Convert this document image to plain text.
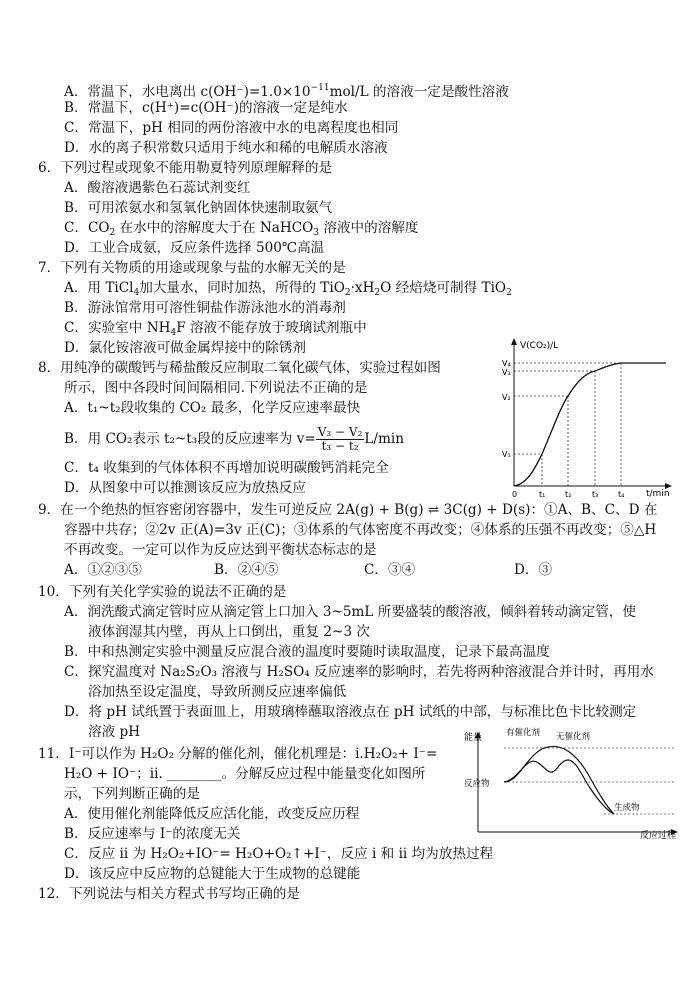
A．常温下，水电离出 $c(OH^-)=1.0\times 10^{-11}mol/L$ 的溶液一定是酸性溶液
B．常温下，c(H⁺)=c(OH⁻)的溶液一定是纯水
C．常温下，pH 相同的两份溶液中水的电离程度也相同
D．水的离子积常数只适用于纯水和稀的电解质水溶液
6．下列过程或现象不能用勒夏特列原理解释的是
A．酸溶液遇紫色石蕊试剂变红
B．可用浓氨水和氢氧化钠固体快速制取氨气
C．$CO_2$ 在水中的溶解度大于在 NaHCO$_3$ 溶液中的溶解度
D．工业合成氨，反应条件选择 500℃高温
7．下列有关物质的用途或现象与盐的水解无关的是
A．用 TiCl$_4$加大量水，同时加热，所得的 $TiO_2\cdot xH_2O$ 经焙烧可制得 TiO$_2$
B．游泳馆常用可溶性铜盐作游泳池水的消毒剂
C．实验室中 $NH_4F$ 溶液不能存放于玻璃试剂瓶中
D．氯化铵溶液可做金属焊接中的除锈剂
8．用纯净的碳酸钙与稀盐酸反应制取二氧化碳气体，实验过程如图
所示，图中各段时间间隔相同.下列说法不正确的是
A．t₁~t₂段收集的 CO₂ 最多，化学反应速率最快
B．用 CO₂表示 t₂~t₃段的反应速率为 $v= \frac{\text{V₃ − V₂}}{\text{t₃ − t₂}} L/\min$
C．t₄ 收集到的气体体积不再增加说明碳酸钙消耗完全
D．从图象中可以推测该反应为放热反应
V(CO₂)/L
t/min
V₄
V₃
V₂
V₁
0	t₁ t₂	t₃ t₄
9．在一个绝热的恒容密闭容器中，发生可逆反应 2A(g) + B(g) ⇌ 3C(g) + D(s)：①A、B、C、D 在
容器中共存；②2v 正(A)=3v 正(C)；③体系的气体密度不再改变；④体系的压强不再改变；⑤△H
不再改变。一定可以作为反应达到平衡状态标志的是
A．①②③⑤	B．②④⑤	C．③④	D．③
10．下列有关化学实验的说法不正确的是
A．润洗酸式滴定管时应从滴定管上口加入 3~5mL 所要盛装的酸溶液，倾斜着转动滴定管，使
液体润湿其内壁，再从上口倒出，重复 2~3 次
B．中和热测定实验中测量反应混合液的温度时要随时读取温度，记录下最高温度
C．探究温度对 Na₂S₂O₃ 溶液与 H₂SO₄ 反应速率的影响时，若先将两种溶液混合并计时，再用水
浴加热至设定温度，导致所测反应速率偏低
D．将 pH 试纸置于表面皿上，用玻璃棒蘸取溶液点在 pH 试纸的中部，与标准比色卡比较测定
溶液 pH
11．I⁻可以作为 H₂O₂ 分解的催化剂，催化机理是：i.H₂O₂+ I⁻=
H₂O + IO⁻；ii. ________。分解反应过程中能量变化如图所
示，下列判断正确的是
A．使用催化剂能降低反应活化能，改变反应历程
B．反应速率与 I⁻的浓度无关
C．反应 ii 为 H₂O₂+IO⁻= H₂O+O₂↑+I⁻，反应 i 和 ii 均为放热过程
D．该反应中反应物的总键能大于生成物的总键能
能量
反应过程
有催化剂 无催化剂
反应物
生成物
12．下列说法与相关方程式书写均正确的是
